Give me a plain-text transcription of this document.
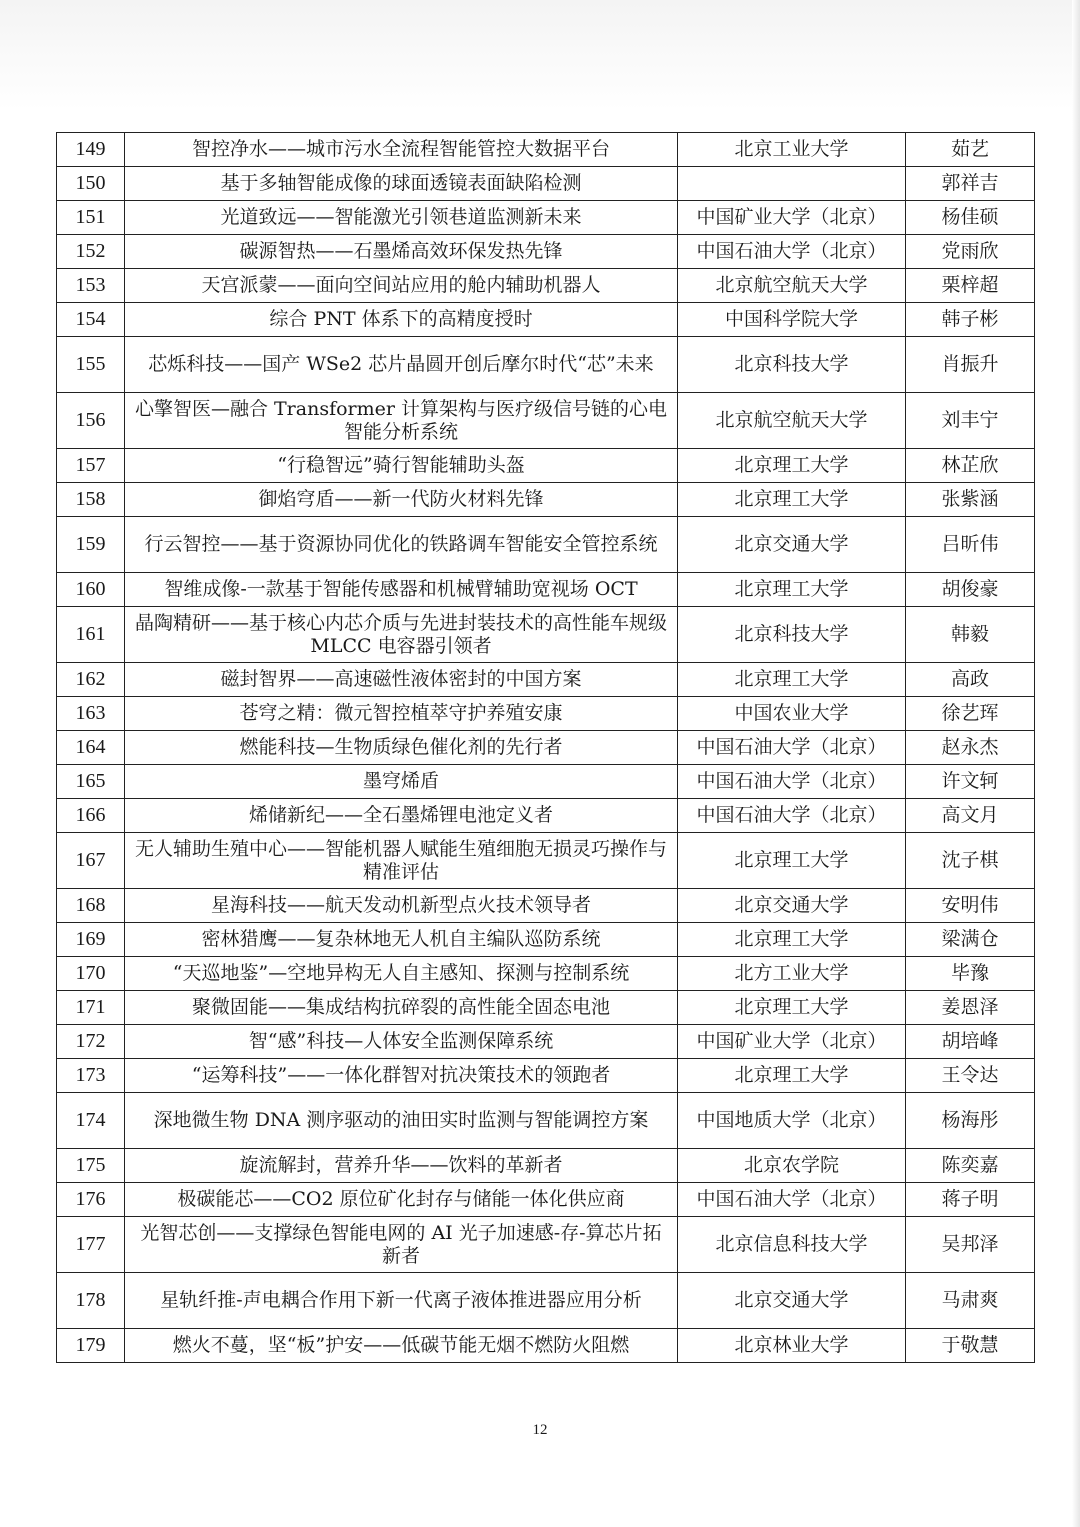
149	智控净水——城市污水全流程智能管控大数据平台	北京工业大学	茹艺
150	基于多轴智能成像的球面透镜表面缺陷检测		郭祥吉
151	光道致远——智能激光引领巷道监测新未来	中国矿业大学（北京）	杨佳硕
152	碳源智热——石墨烯高效环保发热先锋	中国石油大学（北京）	党雨欣
153	天宫派蒙——面向空间站应用的舱内辅助机器人	北京航空航天大学	栗梓超
154	综合 PNT 体系下的高精度授时	中国科学院大学	韩子彬
155	芯烁科技——国产 WSe2 芯片晶圆开创后摩尔时代“芯”未来	北京科技大学	肖振升
156	心擎智医—融合 Transformer 计算架构与医疗级信号链的心电智能分析系统	北京航空航天大学	刘丰宁
157	“行稳智远”骑行智能辅助头盔	北京理工大学	林芷欣
158	御焰穹盾——新一代防火材料先锋	北京理工大学	张紫涵
159	行云智控——基于资源协同优化的铁路调车智能安全管控系统	北京交通大学	吕昕伟
160	智维成像-一款基于智能传感器和机械臂辅助宽视场 OCT	北京理工大学	胡俊豪
161	晶陶精研——基于核心内芯介质与先进封装技术的高性能车规级 MLCC 电容器引领者	北京科技大学	韩毅
162	磁封智界——高速磁性液体密封的中国方案	北京理工大学	高政
163	苍穹之精：微元智控植萃守护养殖安康	中国农业大学	徐艺珲
164	燃能科技—生物质绿色催化剂的先行者	中国石油大学（北京）	赵永杰
165	墨穹烯盾	中国石油大学（北京）	许文轲
166	烯储新纪——全石墨烯锂电池定义者	中国石油大学（北京）	高文月
167	无人辅助生殖中心——智能机器人赋能生殖细胞无损灵巧操作与精准评估	北京理工大学	沈子棋
168	星海科技——航天发动机新型点火技术领导者	北京交通大学	安明伟
169	密林猎鹰——复杂林地无人机自主编队巡防系统	北京理工大学	梁满仓
170	“天巡地鉴”—空地异构无人自主感知、探测与控制系统	北方工业大学	毕豫
171	聚微固能——集成结构抗碎裂的高性能全固态电池	北京理工大学	姜恩泽
172	智“感”科技—人体安全监测保障系统	中国矿业大学（北京）	胡培峰
173	“运筹科技”——一体化群智对抗决策技术的领跑者	北京理工大学	王令达
174	深地微生物 DNA 测序驱动的油田实时监测与智能调控方案	中国地质大学（北京）	杨海彤
175	旋流解封，营养升华——饮料的革新者	北京农学院	陈奕嘉
176	极碳能芯——CO2 原位矿化封存与储能一体化供应商	中国石油大学（北京）	蒋子明
177	光智芯创——支撑绿色智能电网的 AI 光子加速感-存-算芯片拓新者	北京信息科技大学	吴邦泽
178	星轨纤推-声电耦合作用下新一代离子液体推进器应用分析	北京交通大学	马肃爽
179	燃火不蔓，坚“板”护安——低碳节能无烟不燃防火阻燃	北京林业大学	于敬慧
12
